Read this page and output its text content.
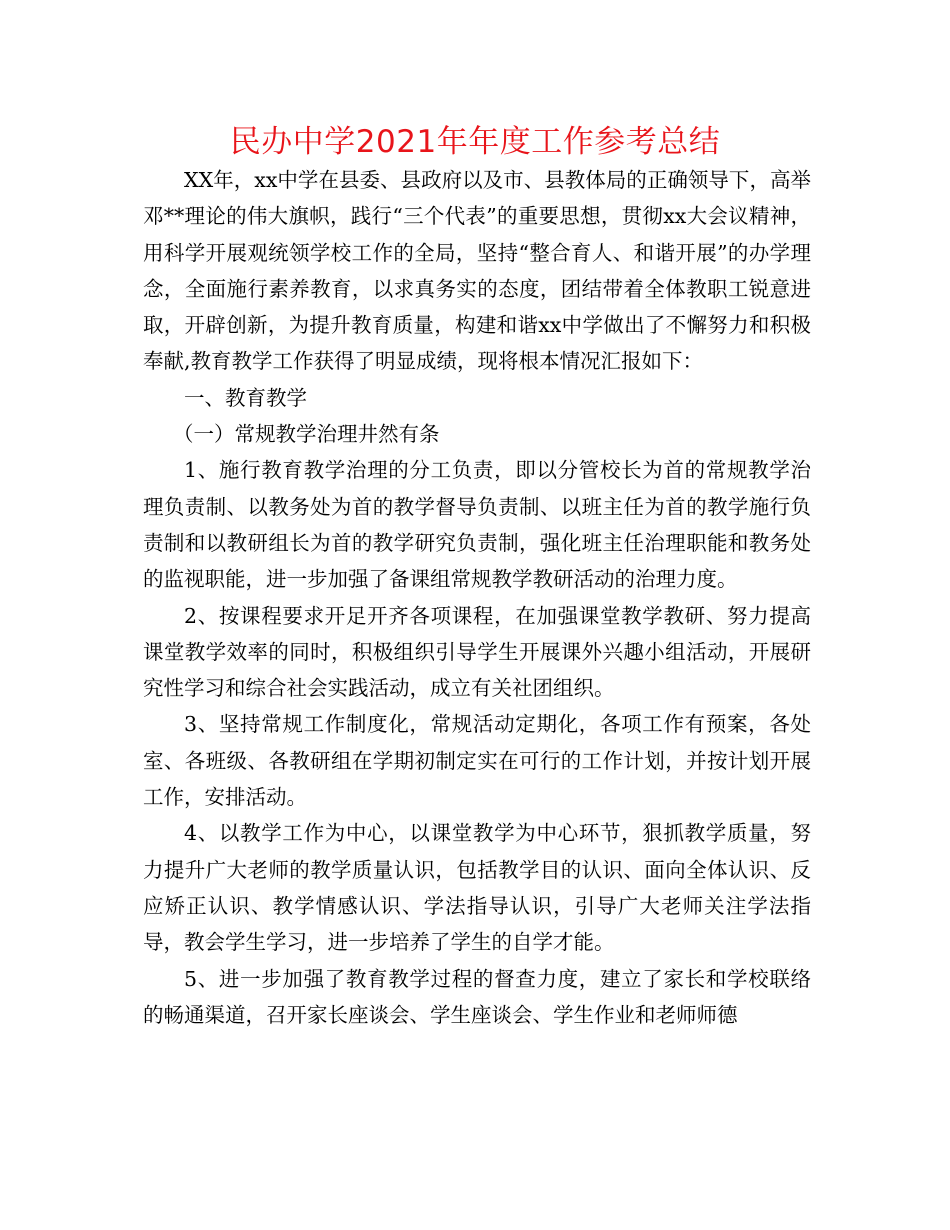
民办中学2021年年度工作参考总结

XX年，xx中学在县委、县政府以及市、县教体局的正确领导下，高举邓**理论的伟大旗帜，践行“三个代表”的重要思想，贯彻xx大会议精神，用科学开展观统领学校工作的全局，坚持“整合育人、和谐开展”的办学理念，全面施行素养教育，以求真务实的态度，团结带着全体教职工锐意进取，开辟创新，为提升教育质量，构建和谐xx中学做出了不懈努力和积极奉献,教育教学工作获得了明显成绩，现将根本情况汇报如下：

一、教育教学

（一）常规教学治理井然有条

1、施行教育教学治理的分工负责，即以分管校长为首的常规教学治理负责制、以教务处为首的教学督导负责制、以班主任为首的教学施行负责制和以教研组长为首的教学研究负责制，强化班主任治理职能和教务处的监视职能，进一步加强了备课组常规教学教研活动的治理力度。

2、按课程要求开足开齐各项课程，在加强课堂教学教研、努力提高课堂教学效率的同时，积极组织引导学生开展课外兴趣小组活动，开展研究性学习和综合社会实践活动，成立有关社团组织。

3、坚持常规工作制度化，常规活动定期化，各项工作有预案，各处室、各班级、各教研组在学期初制定实在可行的工作计划，并按计划开展工作，安排活动。

4、以教学工作为中心，以课堂教学为中心环节，狠抓教学质量，努力提升广大老师的教学质量认识，包括教学目的认识、面向全体认识、反应矫正认识、教学情感认识、学法指导认识，引导广大老师关注学法指导，教会学生学习，进一步培养了学生的自学才能。

5、进一步加强了教育教学过程的督查力度，建立了家长和学校联络的畅通渠道，召开家长座谈会、学生座谈会、学生作业和老师师德
